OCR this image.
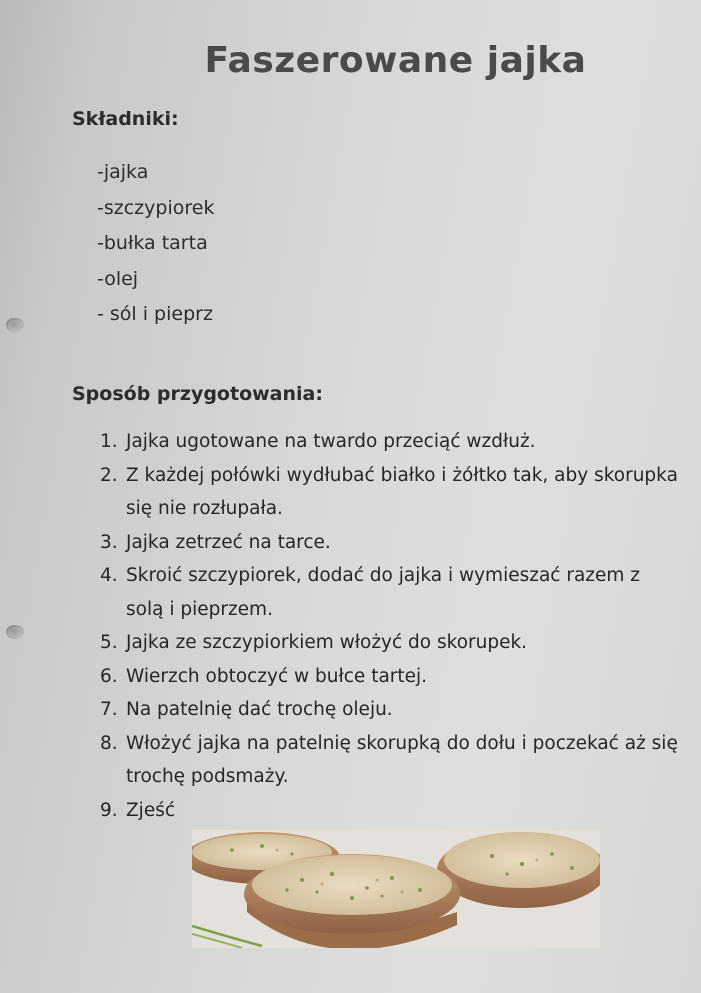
Faszerowane jajka
Składniki:
-jajka
-szczypiorek
-bułka tarta
-olej
- sól i pieprz
Sposób przygotowania:
1. Jajka ugotowane na twardo przeciąć wzdłuż.
2. Z każdej połówki wydłubać białko i żółtko tak, aby skorupka się nie rozłupała.
3. Jajka zetrzeć na tarce.
4. Skroić szczypiorek, dodać do jajka i wymieszać razem z solą i pieprzem.
5. Jajka ze szczypiorkiem włożyć do skorupek.
6. Wierzch obtoczyć w bułce tartej.
7. Na patelnię dać trochę oleju.
8. Włożyć jajka na patelnię skorupką do dołu i poczekać aż się trochę podsmaży.
9. Zjeść
